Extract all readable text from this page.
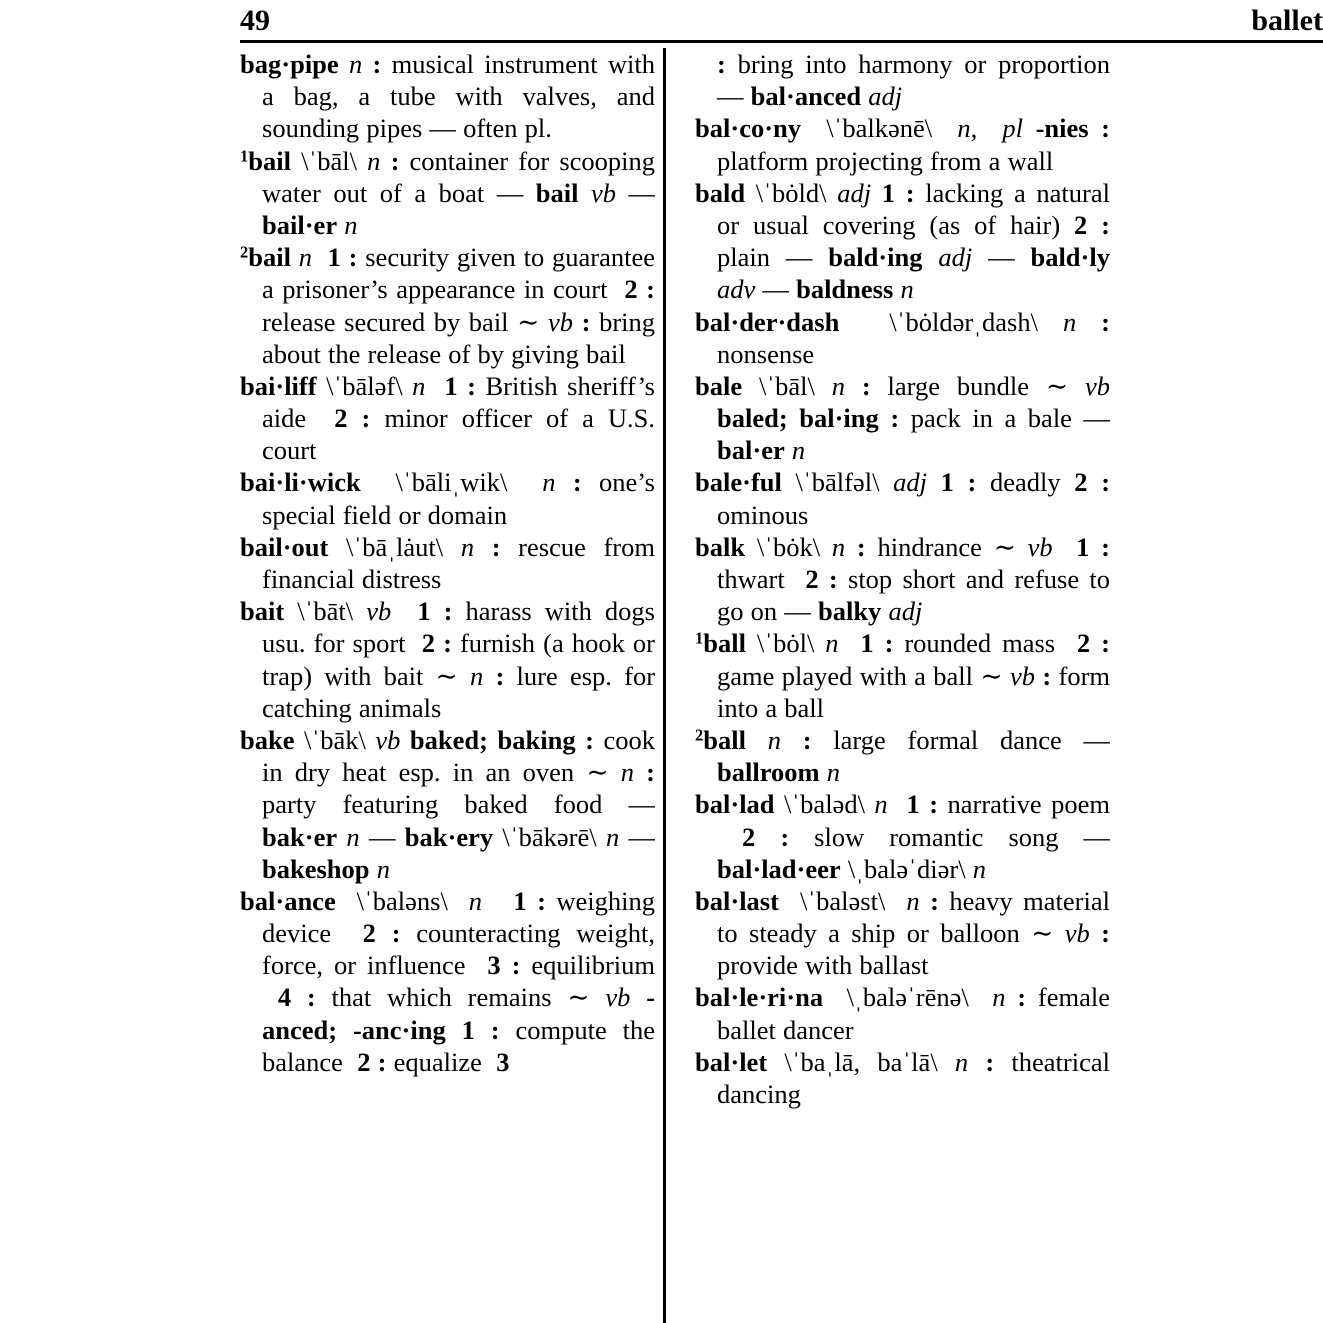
49	ballet

bag·pipe n : musical instrument with a bag, a tube with valves, and sounding pipes — often pl.

$^1$bail \ˈbāl\ n : container for scooping water out of a boat — bail vb — bail·er n

$^2$bail n 1 : security given to guarantee a prisoner’s appearance in court  2 : release secured by bail ∼ vb : bring about the release of by giving bail

bai·liff \ˈbāləf\ n 1 : British sheriff’s aide  2 : minor officer of a U.S. court

bai·li·wick  \ˈbāliˌwik\  n : one’s special field or domain

bail·out \ˈbāˌlȧut\ n : rescue from financial distress

bait \ˈbāt\ vb 1 : harass with dogs usu. for sport  2 : furnish (a hook or trap) with bait ∼ n : lure esp. for catching animals

bake \ˈbāk\ vb baked; baking : cook in dry heat esp. in an oven ∼ n : party featuring baked food — bak·er n — bak·ery \ˈbākərē\ n — bakeshop n

bal·ance  \ˈbaləns\  n 1 : weighing device  2 : counteracting weight, force, or influence  3 : equilibrium  4 : that which remains ∼ vb -anced; -anc·ing 1 : compute the balance  2 : equalize  3

: bring into harmony or proportion — bal·anced adj

bal·co·ny  \ˈbalkənē\  n,  pl -nies : platform projecting from a wall

bald \ˈbȯld\ adj 1 : lacking a natural or usual covering (as of hair) 2 : plain — bald·ing adj — bald·ly adv — baldness n

bal·der·dash  \ˈbȯldərˌdash\ n : nonsense

bale \ˈbāl\ n : large bundle ∼ vb baled; bal·ing : pack in a bale — bal·er n

bale·ful \ˈbālfəl\ adj 1 : deadly 2 : ominous

balk \ˈbȯk\ n : hindrance ∼ vb 1 : thwart  2 : stop short and refuse to go on — balky adj

$^1$ball \ˈbȯl\ n 1 : rounded mass  2 : game played with a ball ∼ vb : form into a ball

$^2$ball n : large formal dance — ballroom n

bal·lad \ˈbaləd\ n 1 : narrative poem  2 : slow romantic song — bal·lad·eer \ˌbaləˈdiər\ n

bal·last  \ˈbaləst\  n : heavy material to steady a ship or balloon ∼ vb : provide with ballast

bal·le·ri·na  \ˌbaləˈrēnə\  n : female ballet dancer

bal·let \ˈbaˌlā, baˈlā\ n : theatrical dancing
